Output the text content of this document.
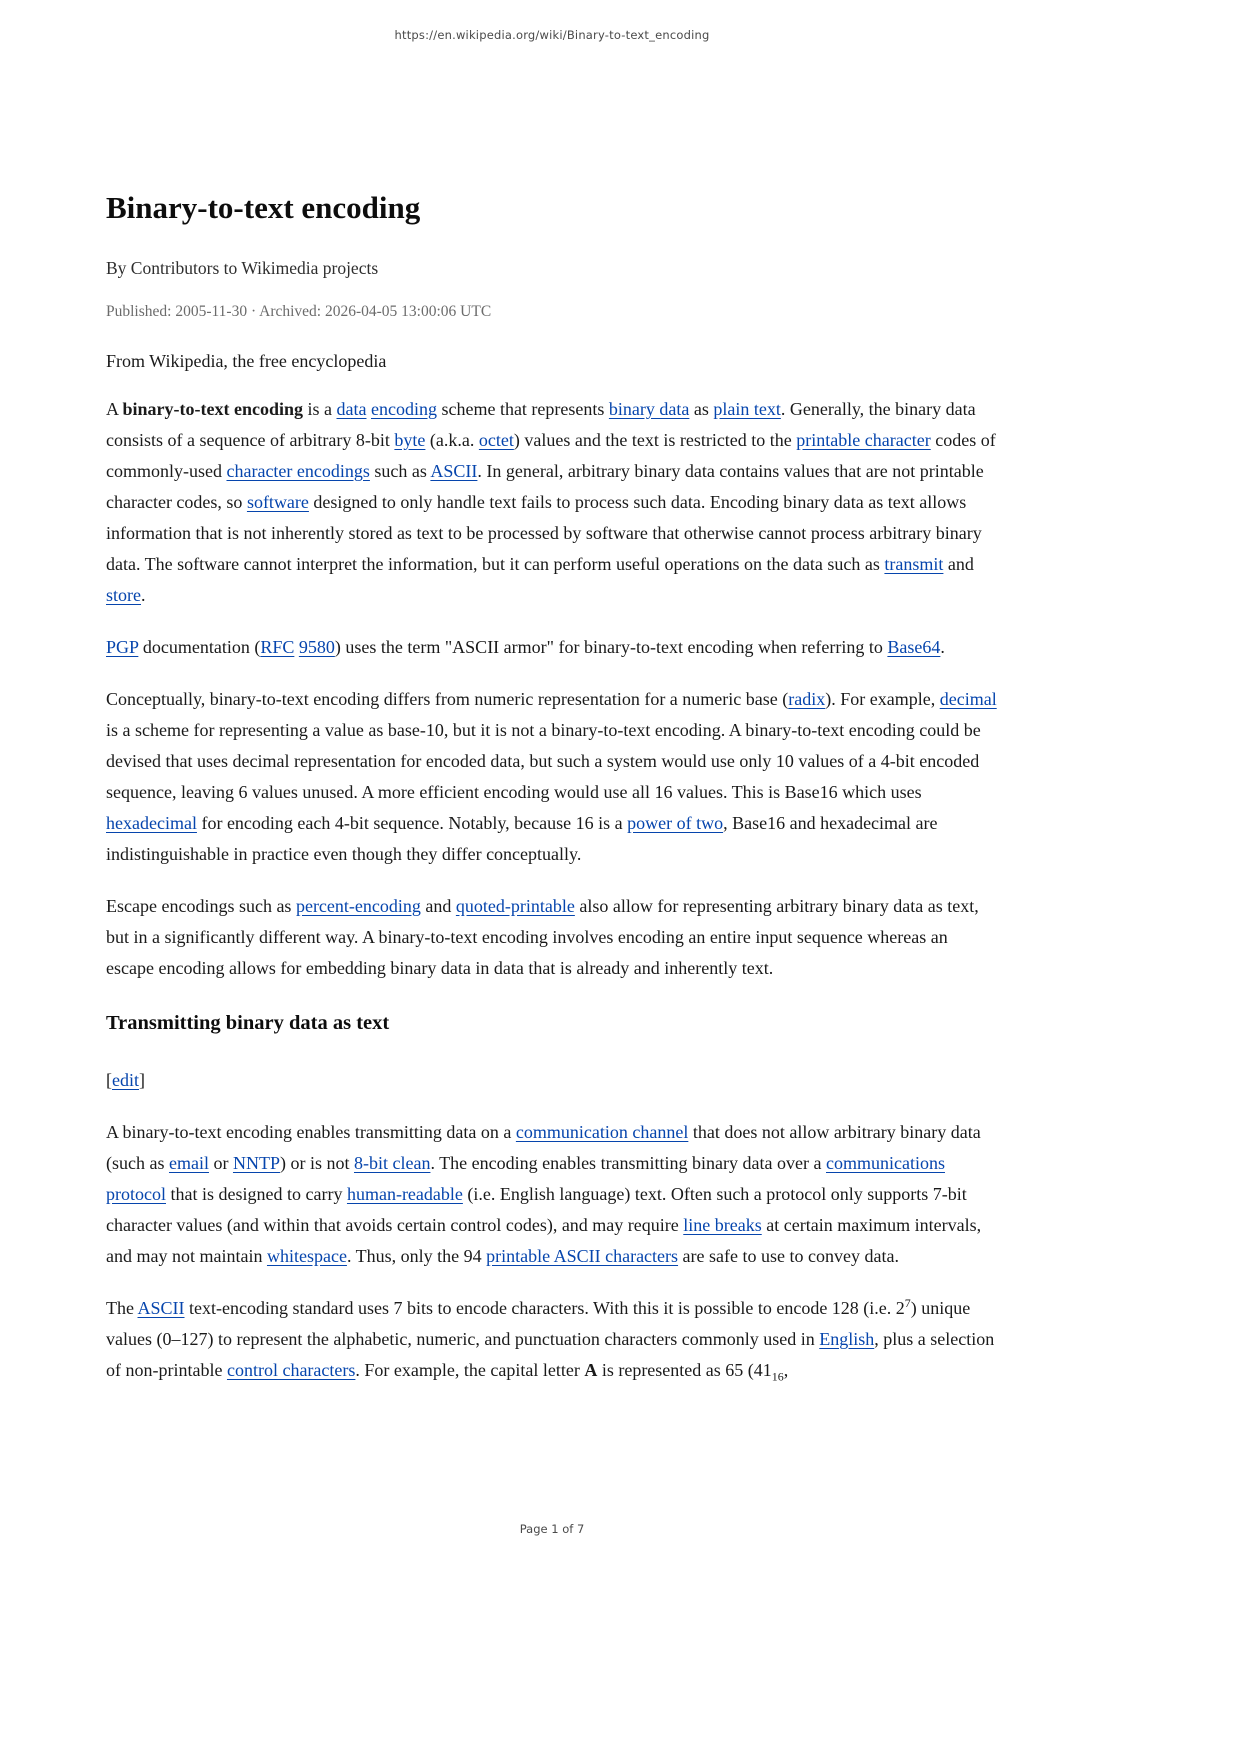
https://en.wikipedia.org/wiki/Binary-to-text_encoding
Binary-to-text encoding

By Contributors to Wikimedia projects

Published: 2005-11-30 · Archived: 2026-04-05 13:00:06 UTC

From Wikipedia, the free encyclopedia

A binary-to-text encoding is a data encoding scheme that represents binary data as plain text. Generally, the binary data consists of a sequence of arbitrary 8-bit byte (a.k.a. octet) values and the text is restricted to the printable character codes of commonly-used character encodings such as ASCII. In general, arbitrary binary data contains values that are not printable character codes, so software designed to only handle text fails to process such data. Encoding binary data as text allows information that is not inherently stored as text to be processed by software that otherwise cannot process arbitrary binary data. The software cannot interpret the information, but it can perform useful operations on the data such as transmit and store.

PGP documentation (RFC 9580) uses the term "ASCII armor" for binary-to-text encoding when referring to Base64.

Conceptually, binary-to-text encoding differs from numeric representation for a numeric base (radix). For example, decimal is a scheme for representing a value as base-10, but it is not a binary-to-text encoding. A binary-to-text encoding could be devised that uses decimal representation for encoded data, but such a system would use only 10 values of a 4-bit encoded sequence, leaving 6 values unused. A more efficient encoding would use all 16 values. This is Base16 which uses hexadecimal for encoding each 4-bit sequence. Notably, because 16 is a power of two, Base16 and hexadecimal are indistinguishable in practice even though they differ conceptually.

Escape encodings such as percent-encoding and quoted-printable also allow for representing arbitrary binary data as text, but in a significantly different way. A binary-to-text encoding involves encoding an entire input sequence whereas an escape encoding allows for embedding binary data in data that is already and inherently text.

Transmitting binary data as text

[edit]

A binary-to-text encoding enables transmitting data on a communication channel that does not allow arbitrary binary data (such as email or NNTP) or is not 8-bit clean. The encoding enables transmitting binary data over a communications protocol that is designed to carry human-readable (i.e. English language) text. Often such a protocol only supports 7-bit character values (and within that avoids certain control codes), and may require line breaks at certain maximum intervals, and may not maintain whitespace. Thus, only the 94 printable ASCII characters are safe to use to convey data.

The ASCII text-encoding standard uses 7 bits to encode characters. With this it is possible to encode 128 (i.e. $2^7$) unique values (0–127) to represent the alphabetic, numeric, and punctuation characters commonly used in English, plus a selection of non-printable control characters. For example, the capital letter A is represented as 65 ($41_{16}$,

Page 1 of 7
